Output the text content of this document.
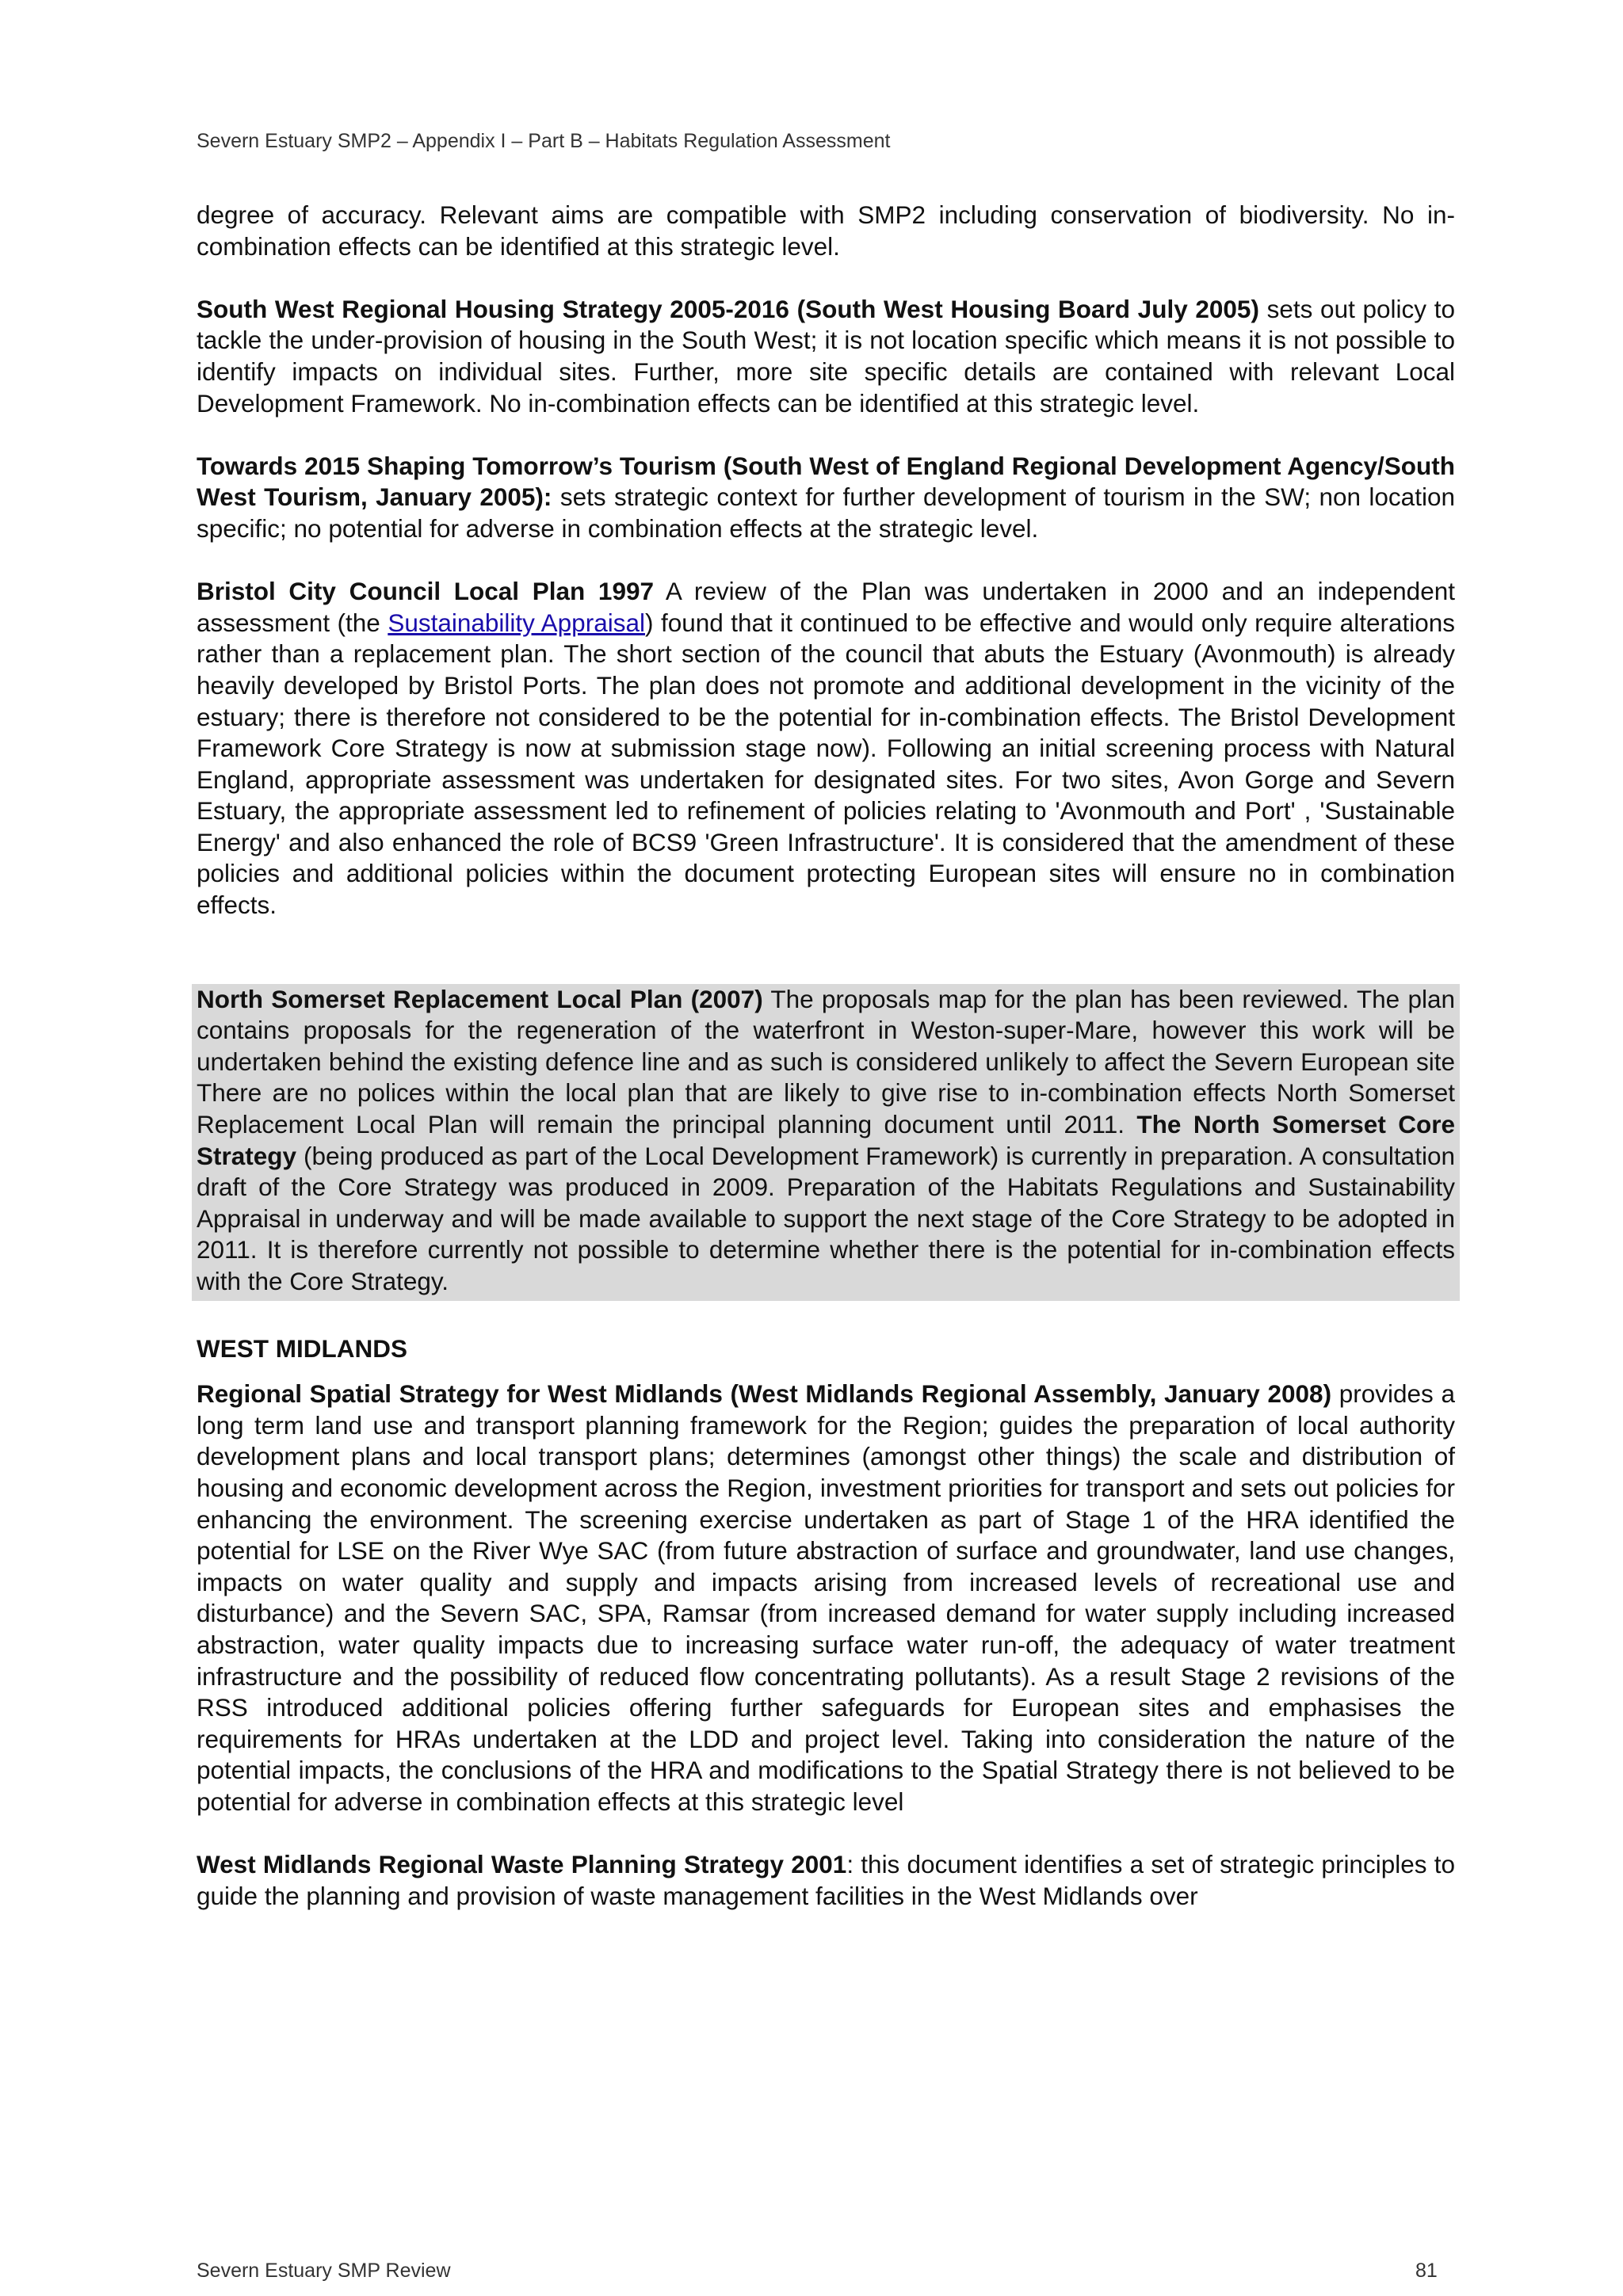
Severn Estuary SMP2 – Appendix I – Part B – Habitats Regulation Assessment

degree of accuracy. Relevant aims are compatible with SMP2 including conservation of biodiversity. No in-combination effects can be identified at this strategic level.

South West Regional Housing Strategy 2005-2016 (South West Housing Board July 2005) sets out policy to tackle the under-provision of housing in the South West; it is not location specific which means it is not possible to identify impacts on individual sites. Further, more site specific details are contained with relevant Local Development Framework. No in-combination effects can be identified at this strategic level.

Towards 2015 Shaping Tomorrow’s Tourism (South West of England Regional Development Agency/South West Tourism, January 2005): sets strategic context for further development of tourism in the SW; non location specific; no potential for adverse in combination effects at the strategic level.

Bristol City Council Local Plan 1997 A review of the Plan was undertaken in 2000 and an independent assessment (the Sustainability Appraisal) found that it continued to be effective and would only require alterations rather than a replacement plan. The short section of the council that abuts the Estuary (Avonmouth) is already heavily developed by Bristol Ports. The plan does not promote and additional development in the vicinity of the estuary; there is therefore not considered to be the potential for in-combination effects. The Bristol Development Framework Core Strategy is now at submission stage now). Following an initial screening process with Natural England, appropriate assessment was undertaken for designated sites. For two sites, Avon Gorge and Severn Estuary, the appropriate assessment led to refinement of policies relating to 'Avonmouth and Port' , 'Sustainable Energy' and also enhanced the role of BCS9 'Green Infrastructure'. It is considered that the amendment of these policies and additional policies within the document protecting European sites will ensure no in combination effects.

North Somerset Replacement Local Plan (2007) The proposals map for the plan has been reviewed. The plan contains proposals for the regeneration of the waterfront in Weston-super-Mare, however this work will be undertaken behind the existing defence line and as such is considered unlikely to affect the Severn European site There are no polices within the local plan that are likely to give rise to in-combination effects North Somerset Replacement Local Plan will remain the principal planning document until 2011. The North Somerset Core Strategy (being produced as part of the Local Development Framework) is currently in preparation. A consultation draft of the Core Strategy was produced in 2009. Preparation of the Habitats Regulations and Sustainability Appraisal in underway and will be made available to support the next stage of the Core Strategy to be adopted in 2011. It is therefore currently not possible to determine whether there is the potential for in-combination effects with the Core Strategy.

WEST MIDLANDS

Regional Spatial Strategy for West Midlands (West Midlands Regional Assembly, January 2008) provides a long term land use and transport planning framework for the Region; guides the preparation of local authority development plans and local transport plans; determines (amongst other things) the scale and distribution of housing and economic development across the Region, investment priorities for transport and sets out policies for enhancing the environment. The screening exercise undertaken as part of Stage 1 of the HRA identified the potential for LSE on the River Wye SAC (from future abstraction of surface and groundwater, land use changes, impacts on water quality and supply and impacts arising from increased levels of recreational use and disturbance) and the Severn SAC, SPA, Ramsar (from increased demand for water supply including increased abstraction, water quality impacts due to increasing surface water run-off, the adequacy of water treatment infrastructure and the possibility of reduced flow concentrating pollutants). As a result Stage 2 revisions of the RSS introduced additional policies offering further safeguards for European sites and emphasises the requirements for HRAs undertaken at the LDD and project level. Taking into consideration the nature of the potential impacts, the conclusions of the HRA and modifications to the Spatial Strategy there is not believed to be potential for adverse in combination effects at this strategic level

West Midlands Regional Waste Planning Strategy 2001: this document identifies a set of strategic principles to guide the planning and provision of waste management facilities in the West Midlands over

Severn Estuary SMP Review	81
